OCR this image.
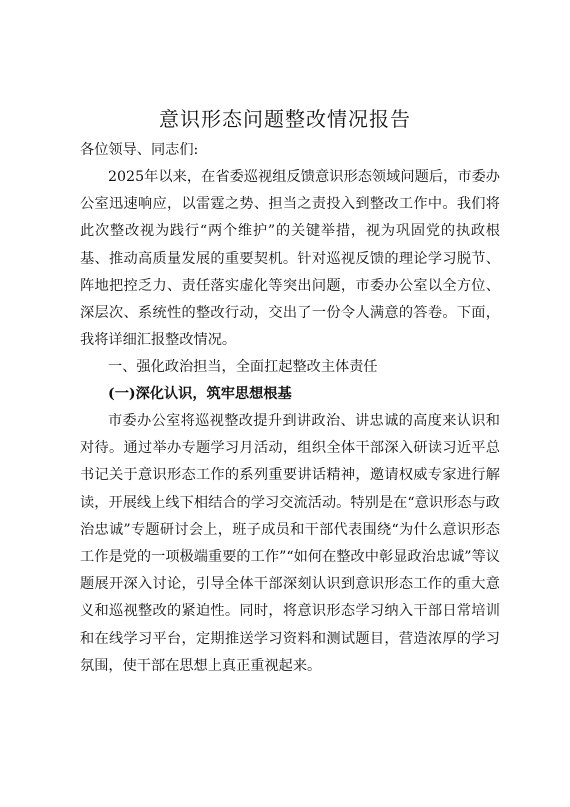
意识形态问题整改情况报告

各位领导、同志们:

2025年以来，在省委巡视组反馈意识形态领域问题后，市委办公室迅速响应，以雷霆之势、担当之责投入到整改工作中。我们将此次整改视为践行“两个维护”的关键举措，视为巩固党的执政根基、推动高质量发展的重要契机。针对巡视反馈的理论学习脱节、阵地把控乏力、责任落实虚化等突出问题，市委办公室以全方位、深层次、系统性的整改行动，交出了一份令人满意的答卷。下面，我将详细汇报整改情况。

一、强化政治担当，全面扛起整改主体责任

(一)深化认识，筑牢思想根基

市委办公室将巡视整改提升到讲政治、讲忠诚的高度来认识和对待。通过举办专题学习月活动，组织全体干部深入研读习近平总书记关于意识形态工作的系列重要讲话精神，邀请权威专家进行解读，开展线上线下相结合的学习交流活动。特别是在“意识形态与政治忠诚”专题研讨会上，班子成员和干部代表围绕“为什么意识形态工作是党的一项极端重要的工作”“如何在整改中彰显政治忠诚”等议题展开深入讨论，引导全体干部深刻认识到意识形态工作的重大意义和巡视整改的紧迫性。同时，将意识形态学习纳入干部日常培训和在线学习平台，定期推送学习资料和测试题目，营造浓厚的学习氛围，使干部在思想上真正重视起来。
